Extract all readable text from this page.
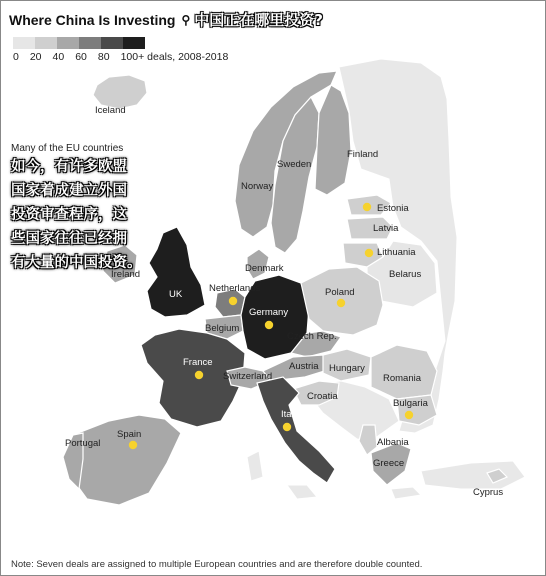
Iceland
Norway
Sweden
Finland
Estonia
Latvia
Lithuania
Belarus
Ireland
UK
Netherlands
Belgium
Denmark
Germany
Poland
Czech Rep.
France
Switzerland
Austria Hungary
Romania
Croatia
Bulgaria
Albania
Greece
Italy
Spain
Portugal
Cyprus
Where China Is Investing ⚲ 中国正在哪里投资?
0 20 40 60 80 100+ deals, 2008-2018
Many of the EU countries
如今，有许多欧盟
国家着成建立外国
投资审查程序，这
些国家往往已经拥
有大量的中国投资。
Note: Seven deals are assigned to multiple European countries and are therefore double counted.
